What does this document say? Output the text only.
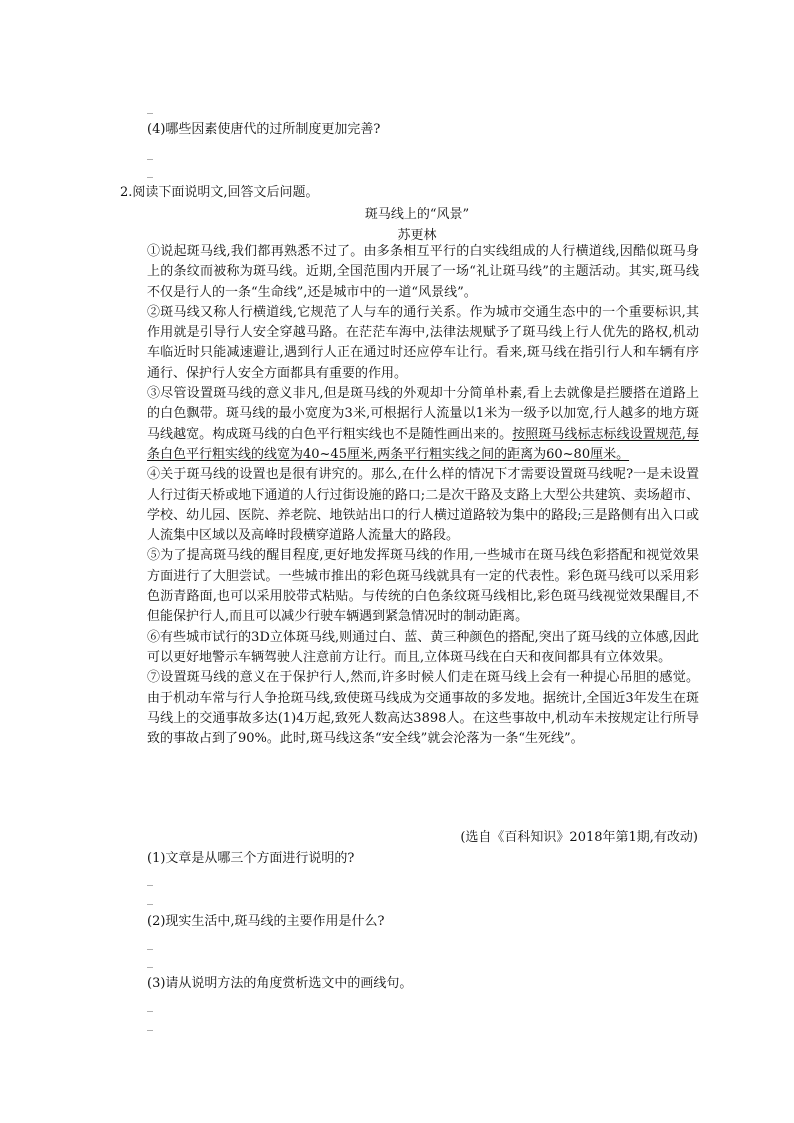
_
(4)哪些因素使唐代的过所制度更加完善?
_
_
2.阅读下面说明文,回答文后问题。
斑马线上的“风景”
苏更林

①说起斑马线,我们都再熟悉不过了。由多条相互平行的白实线组成的人行横道线,因酷似斑马身上的条纹而被称为斑马线。近期,全国范围内开展了一场“礼让斑马线”的主题活动。其实,斑马线不仅是行人的一条“生命线”,还是城市中的一道“风景线”。

②斑马线又称人行横道线,它规范了人与车的通行关系。作为城市交通生态中的一个重要标识,其作用就是引导行人安全穿越马路。在茫茫车海中,法律法规赋予了斑马线上行人优先的路权,机动车临近时只能减速避让,遇到行人正在通过时还应停车让行。看来,斑马线在指引行人和车辆有序通行、保护行人安全方面都具有重要的作用。

③尽管设置斑马线的意义非凡,但是斑马线的外观却十分简单朴素,看上去就像是拦腰搭在道路上的白色飘带。斑马线的最小宽度为3米,可根据行人流量以1米为一级予以加宽,行人越多的地方斑马线越宽。构成斑马线的白色平行粗实线也不是随性画出来的。按照斑马线标志标线设置规范,每条白色平行粗实线的线宽为40~45厘米,两条平行粗实线之间的距离为60~80厘米。

④关于斑马线的设置也是很有讲究的。那么,在什么样的情况下才需要设置斑马线呢?一是未设置人行过街天桥或地下通道的人行过街设施的路口;二是次干路及支路上大型公共建筑、卖场超市、学校、幼儿园、医院、养老院、地铁站出口的行人横过道路较为集中的路段;三是路侧有出入口或人流集中区域以及高峰时段横穿道路人流量大的路段。

⑤为了提高斑马线的醒目程度,更好地发挥斑马线的作用,一些城市在斑马线色彩搭配和视觉效果方面进行了大胆尝试。一些城市推出的彩色斑马线就具有一定的代表性。彩色斑马线可以采用彩色沥青路面,也可以采用胶带式粘贴。与传统的白色条纹斑马线相比,彩色斑马线视觉效果醒目,不但能保护行人,而且可以减少行驶车辆遇到紧急情况时的制动距离。

⑥有些城市试行的3D立体斑马线,则通过白、蓝、黄三种颜色的搭配,突出了斑马线的立体感,因此可以更好地警示车辆驾驶人注意前方让行。而且,立体斑马线在白天和夜间都具有立体效果。

⑦设置斑马线的意义在于保护行人,然而,许多时候人们走在斑马线上会有一种提心吊胆的感觉。由于机动车常与行人争抢斑马线,致使斑马线成为交通事故的多发地。据统计,全国近3年发生在斑马线上的交通事故多达(1)4万起,致死人数高达3898人。在这些事故中,机动车未按规定让行所导致的事故占到了90%。此时,斑马线这条“安全线”就会沦落为一条“生死线”。

(选自《百科知识》2018年第1期,有改动)
(1)文章是从哪三个方面进行说明的?
_
_
(2)现实生活中,斑马线的主要作用是什么?
_
_
(3)请从说明方法的角度赏析选文中的画线句。
_
_
